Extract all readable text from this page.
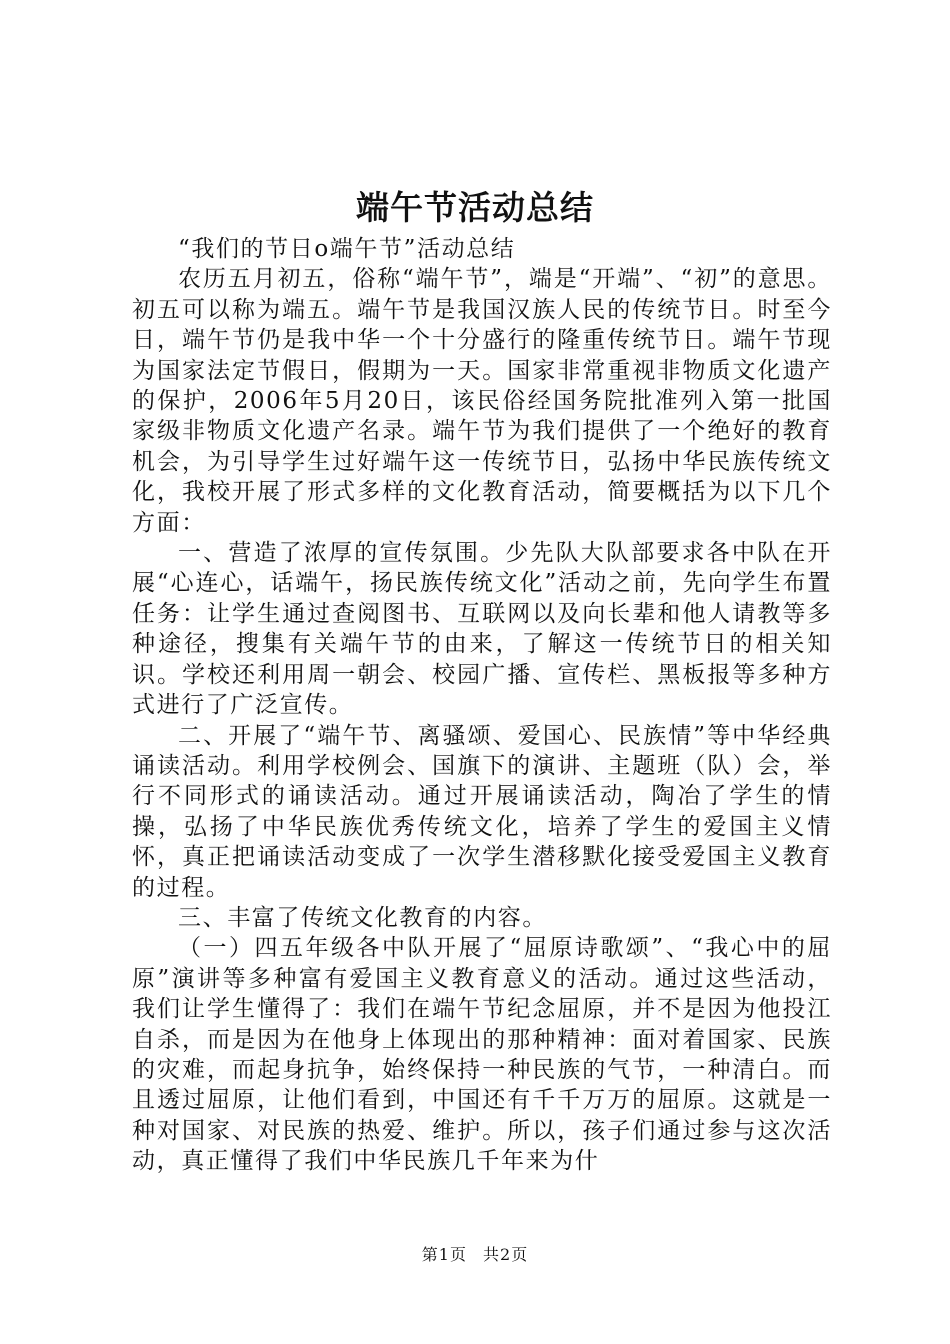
端午节活动总结

“我们的节日o端午节”活动总结

农历五月初五，俗称“端午节”，端是“开端”、“初”的意思。初五可以称为端五。端午节是我国汉族人民的传统节日。时至今日，端午节仍是我中华一个十分盛行的隆重传统节日。端午节现为国家法定节假日，假期为一天。国家非常重视非物质文化遗产的保护，2006年5月20日，该民俗经国务院批准列入第一批国家级非物质文化遗产名录。端午节为我们提供了一个绝好的教育机会，为引导学生过好端午这一传统节日，弘扬中华民族传统文化，我校开展了形式多样的文化教育活动，简要概括为以下几个方面：

一、营造了浓厚的宣传氛围。少先队大队部要求各中队在开展“心连心，话端午，扬民族传统文化”活动之前，先向学生布置任务：让学生通过查阅图书、互联网以及向长辈和他人请教等多种途径，搜集有关端午节的由来，了解这一传统节日的相关知识。学校还利用周一朝会、校园广播、宣传栏、黑板报等多种方式进行了广泛宣传。

二、开展了“端午节、离骚颂、爱国心、民族情”等中华经典诵读活动。利用学校例会、国旗下的演讲、主题班（队）会，举行不同形式的诵读活动。通过开展诵读活动，陶冶了学生的情操，弘扬了中华民族优秀传统文化，培养了学生的爱国主义情怀，真正把诵读活动变成了一次学生潜移默化接受爱国主义教育的过程。

三、丰富了传统文化教育的内容。

（一）四五年级各中队开展了“屈原诗歌颂”、“我心中的屈原”演讲等多种富有爱国主义教育意义的活动。通过这些活动，我们让学生懂得了：我们在端午节纪念屈原，并不是因为他投江自杀，而是因为在他身上体现出的那种精神：面对着国家、民族的灾难，而起身抗争，始终保持一种民族的气节，一种清白。而且透过屈原，让他们看到，中国还有千千万万的屈原。这就是一种对国家、对民族的热爱、维护。所以，孩子们通过参与这次活动，真正懂得了我们中华民族几千年来为什

第1页 共2页
